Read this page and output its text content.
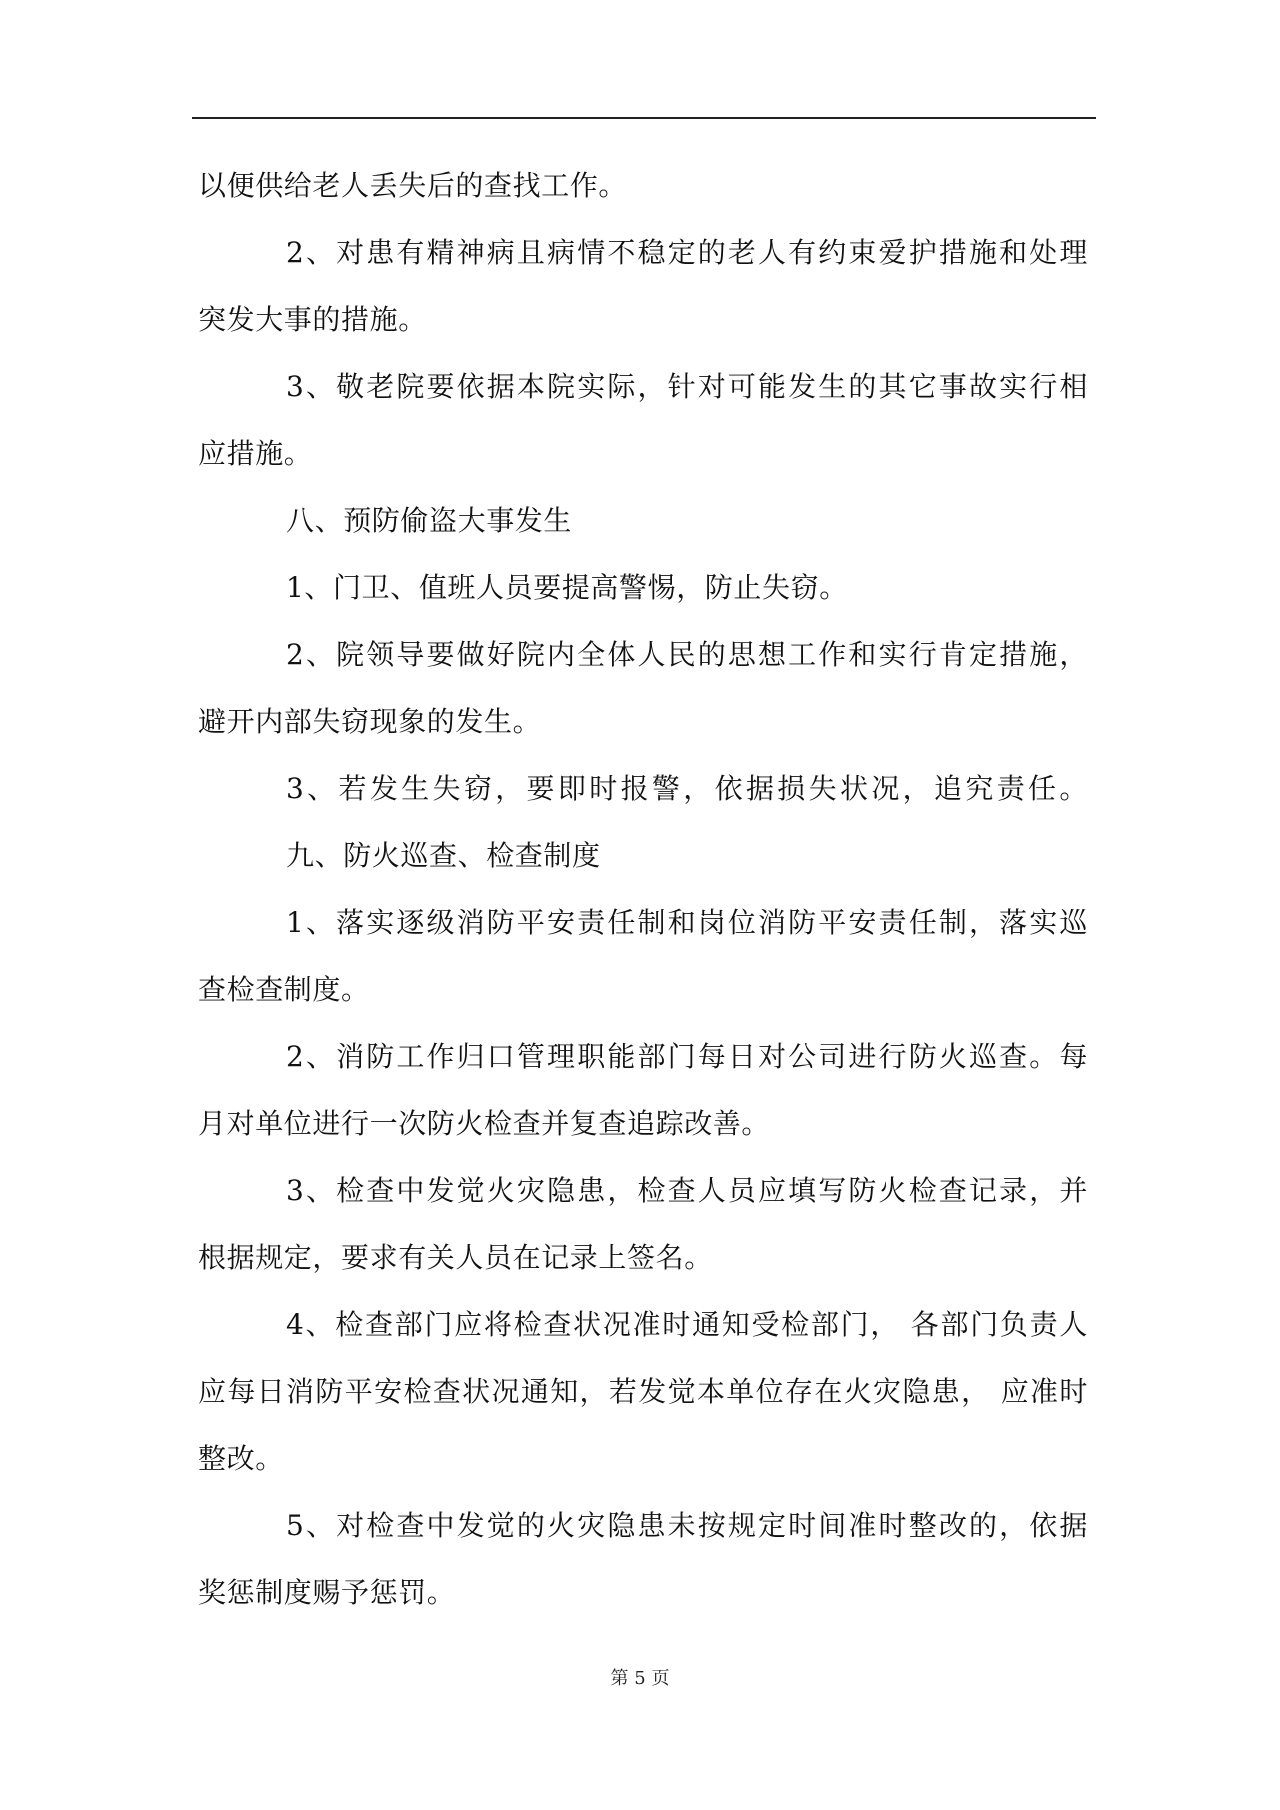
以便供给老人丢失后的查找工作。
2、对患有精神病且病情不稳定的老人有约束爱护措施和处理
突发大事的措施。
3、敬老院要依据本院实际，针对可能发生的其它事故实行相
应措施。
八、预防偷盗大事发生
1、门卫、值班人员要提高警惕，防止失窃。
2、院领导要做好院内全体人民的思想工作和实行肯定措施，
避开内部失窃现象的发生。
3、若发生失窃，要即时报警，依据损失状况，追究责任。
九、防火巡查、检查制度
1、落实逐级消防平安责任制和岗位消防平安责任制，落实巡
查检查制度。
2、消防工作归口管理职能部门每日对公司进行防火巡查。每
月对单位进行一次防火检查并复查追踪改善。
3、检查中发觉火灾隐患，检查人员应填写防火检查记录，并
根据规定，要求有关人员在记录上签名。
4、检查部门应将检查状况准时通知受检部门， 各部门负责人
应每日消防平安检查状况通知，若发觉本单位存在火灾隐患， 应准时
整改。
5、对检查中发觉的火灾隐患未按规定时间准时整改的，依据
奖惩制度赐予惩罚。
第 5 页
